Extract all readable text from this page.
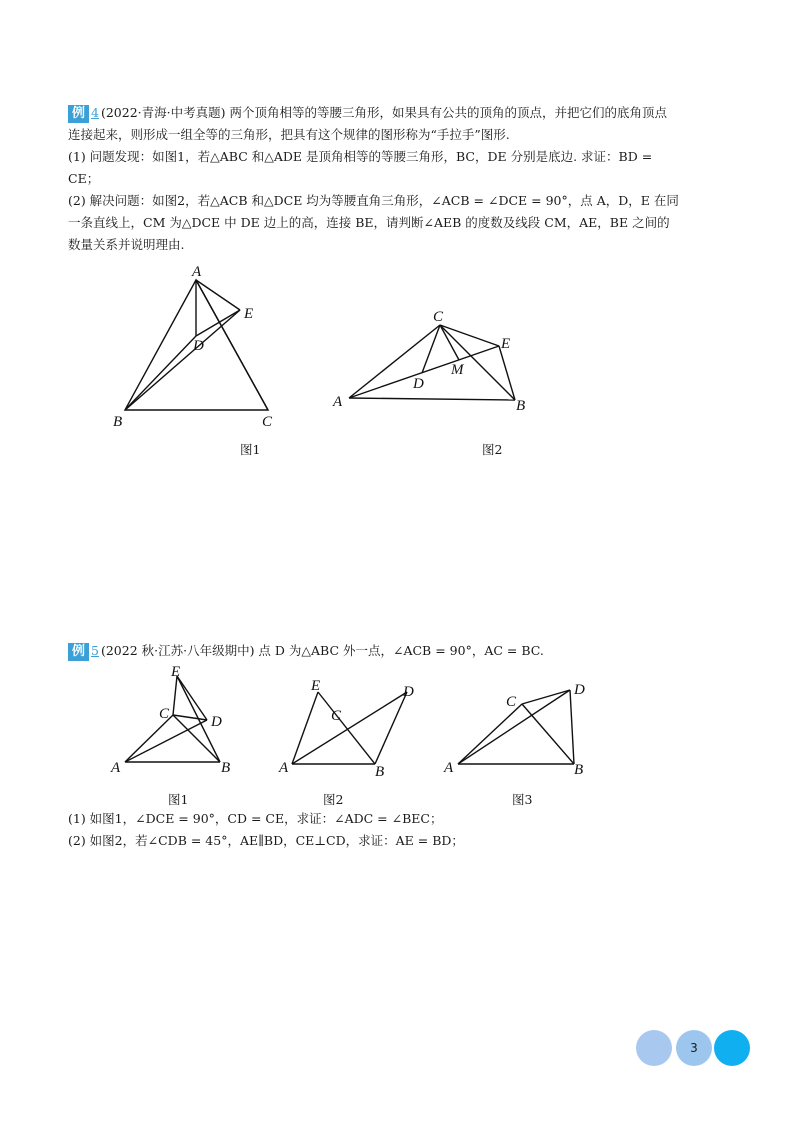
例 4 (2022·青海·中考真题) 两个顶角相等的等腰三角形，如果具有公共的顶角的顶点，并把它们的底角顶点
连接起来，则形成一组全等的三角形，把具有这个规律的图形称为“手拉手”图形.
(1) 问题发现：如图1，若△ABC 和△ADE 是顶角相等的等腰三角形，BC，DE 分别是底边. 求证：BD =
CE；
(2) 解决问题：如图2，若△ACB 和△DCE 均为等腰直角三角形，∠ACB = ∠DCE = 90°，点 A，D，E 在同
一条直线上，CM 为△DCE 中 DE 边上的高，连接 BE，请判断∠AEB 的度数及线段 CM，AE，BE 之间的
数量关系并说明理由.
A
B	C
D
E
图1
A	B
C
D
E
M
图2
例 5 (2022 秋·江苏·八年级期中) 点 D 为△ABC 外一点，∠ACB = 90°，AC = BC.
A	B
C	D
E
图1
A	B
C
D
E
图2
A	B
C
D
图3
(1) 如图1，∠DCE = 90°，CD = CE，求证：∠ADC = ∠BEC；
(2) 如图2，若∠CDB = 45°，AE∥BD，CE⊥CD，求证：AE = BD；
3
